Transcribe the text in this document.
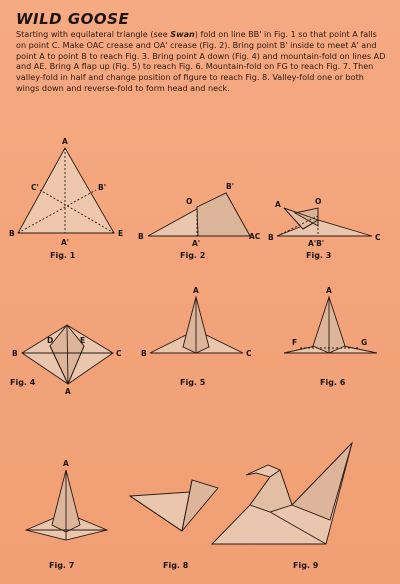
WILD GOOSE
Starting with equilateral triangle (see Swan) fold on line BB' in Fig. 1 so that point A falls on point C. Make OAC crease and OA' crease (Fig. 2). Bring point B' inside to meet A' and point A to point B to reach Fig. 3. Bring point A down (Fig. 4) and mountain-fold on lines AD and AE. Bring A flap up (Fig. 5) to reach Fig. 6. Mountain-fold on FG to reach Fig. 7. Then valley-fold in half and change position of figure to reach Fig. 8. Valley-fold one or both wings down and reverse-fold to form head and neck.
A
B
C'	B'
A'
E
Fig. 1
O
B'
B
A'
AC
Fig. 2
A	O
B
A'B'
C
Fig. 3
B
D	E
C
A
Fig. 4
A
B	C
Fig. 5
A
F	G
Fig. 6
A
Fig. 7	Fig. 8	Fig. 9
